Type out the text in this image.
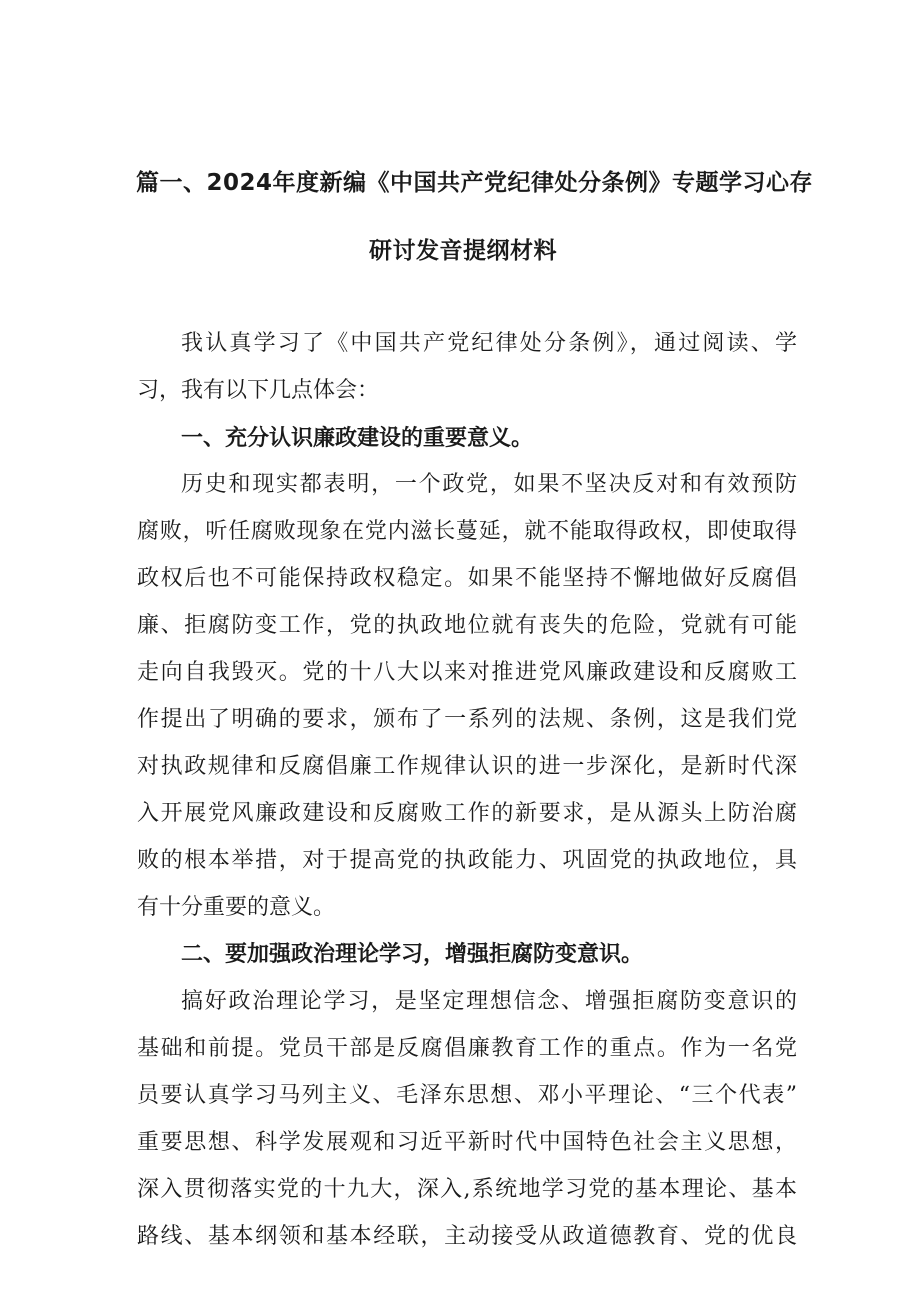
篇一、2024年度新编《中国共产党纪律处分条例》专题学习心存
研讨发音提纲材料

我认真学习了《中国共产党纪律处分条例》，通过阅读、学

习，我有以下几点体会：

一、充分认识廉政建设的重要意义。

历史和现实都表明，一个政党，如果不坚决反对和有效预防

腐败，听任腐败现象在党内滋长蔓延，就不能取得政权，即使取得

政权后也不可能保持政权稳定。如果不能坚持不懈地做好反腐倡

廉、拒腐防变工作，党的执政地位就有丧失的危险，党就有可能

走向自我毁灭。党的十八大以来对推进党风廉政建设和反腐败工

作提出了明确的要求，颁布了一系列的法规、条例，这是我们党

对执政规律和反腐倡廉工作规律认识的进一步深化，是新时代深

入开展党风廉政建设和反腐败工作的新要求，是从源头上防治腐

败的根本举措，对于提高党的执政能力、巩固党的执政地位，具

有十分重要的意义。

二、要加强政治理论学习，增强拒腐防变意识。

搞好政治理论学习，是坚定理想信念、增强拒腐防变意识的

基础和前提。党员干部是反腐倡廉教育工作的重点。作为一名党

员要认真学习马列主义、毛泽东思想、邓小平理论、“三个代表”

重要思想、科学发展观和习近平新时代中国特色社会主义思想，

深入贯彻落实党的十九大，深入,系统地学习党的基本理论、基本

路线、基本纲领和基本经联，主动接受从政道德教育、党的优良
